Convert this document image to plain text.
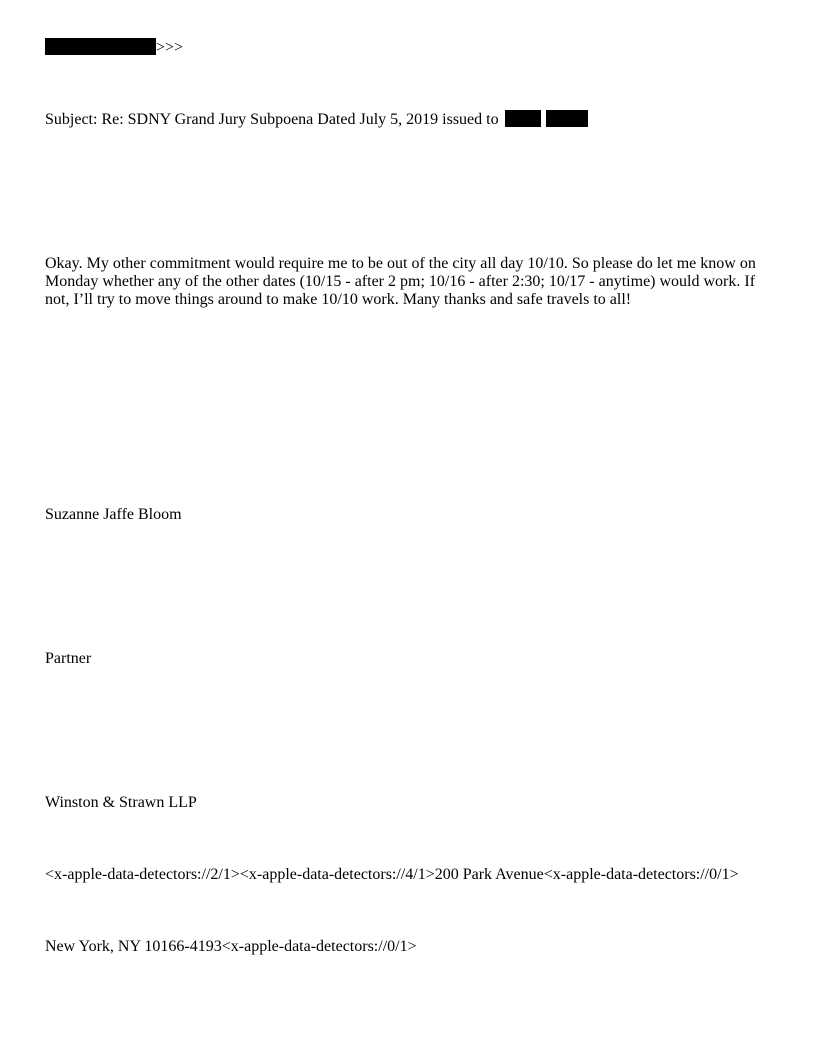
>>>
Subject: Re: SDNY Grand Jury Subpoena Dated July 5, 2019 issued to
Okay. My other commitment would require me to be out of the city all day 10/10. So please do let me know on Monday whether any of the other dates (10/15 - after 2 pm; 10/16 - after 2:30; 10/17 - anytime) would work. If not, I’ll try to move things around to make 10/10 work. Many thanks and safe travels to all!
Suzanne Jaffe Bloom
Partner
Winston & Strawn LLP
<x-apple-data-detectors://2/1><x-apple-data-detectors://4/1>200 Park Avenue<x-apple-data-detectors://0/1>
New York, NY 10166-4193<x-apple-data-detectors://0/1>
